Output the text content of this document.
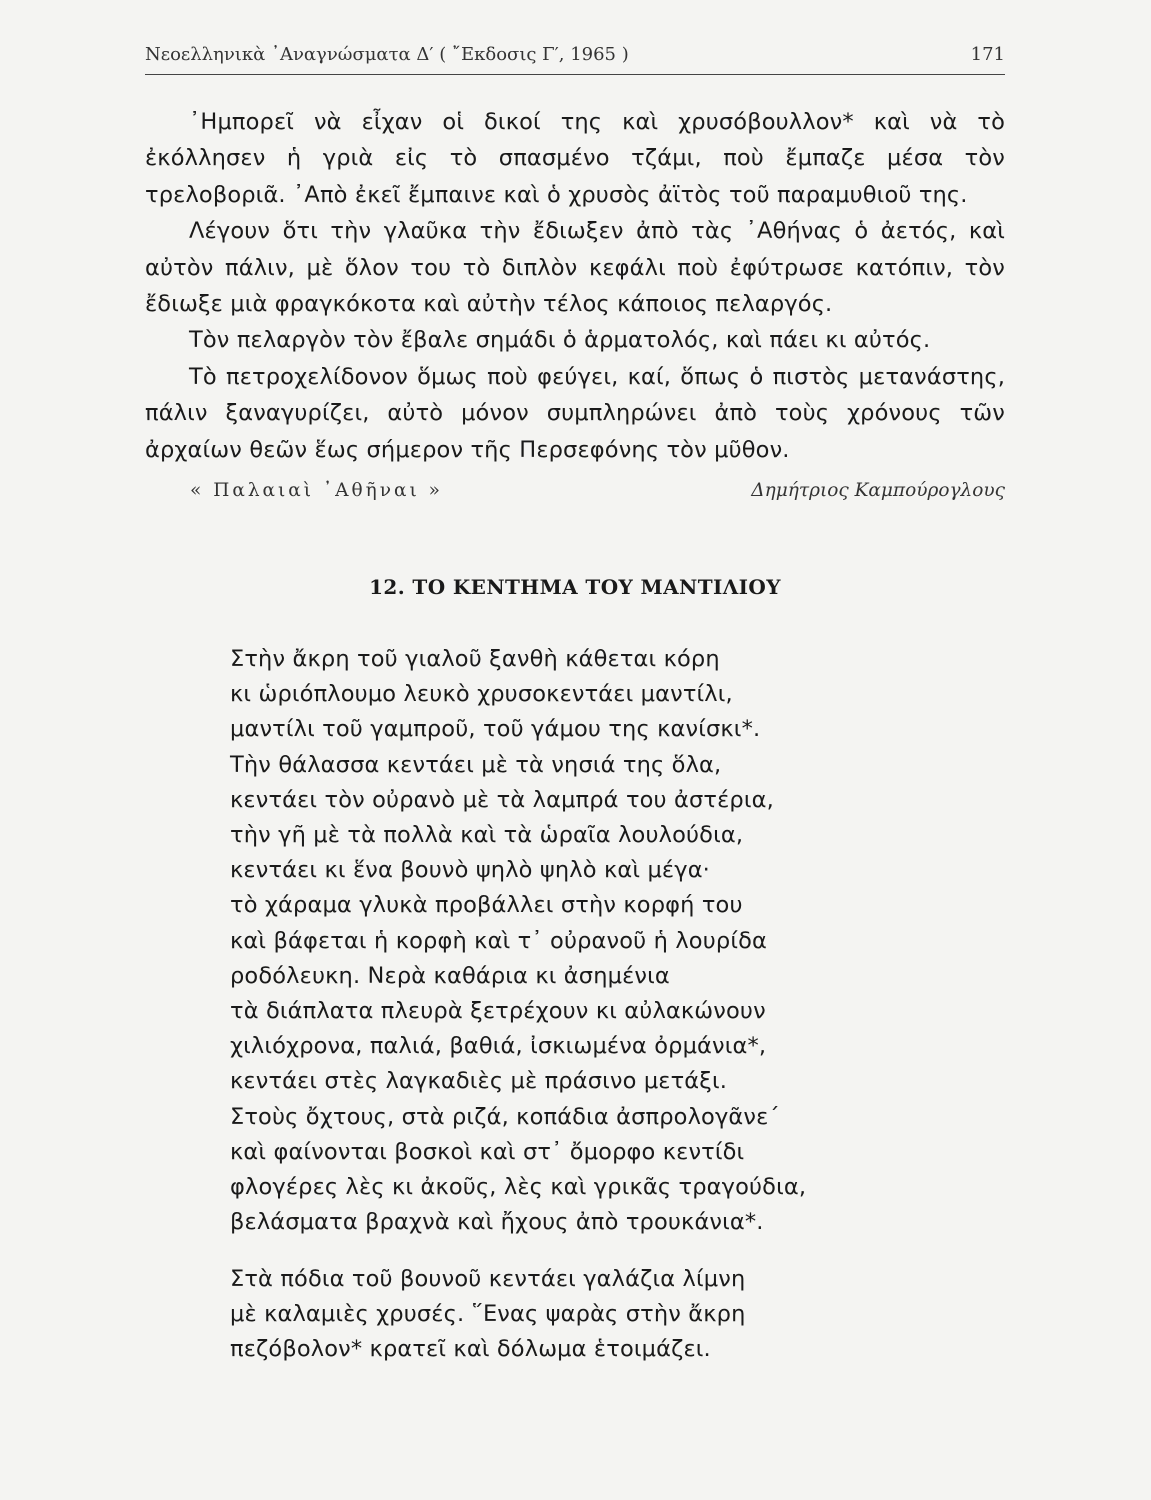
Νεοελληνικὰ ᾿Αναγνώσματα Δ′ ( ῎Εκδοσις Γ′, 1965 )	171

᾿Ημπορεῖ νὰ εἶχαν οἱ δικοί της καὶ χρυσόβουλλον* καὶ νὰ τὸ ἐκόλλησεν ἡ γριὰ εἰς τὸ σπασμένο τζάμι, ποὺ ἔμπαζε μέσα τὸν τρελοβοριᾶ. ᾿Απὸ ἐκεῖ ἔμπαινε καὶ ὁ χρυσὸς ἀϊτὸς τοῦ παραμυθιοῦ της.

Λέγουν ὅτι τὴν γλαῦκα τὴν ἔδιωξεν ἀπὸ τὰς ᾿Αθήνας ὁ ἀετός, καὶ αὐτὸν πάλιν, μὲ ὅλον του τὸ διπλὸν κεφάλι ποὺ ἐφύτρωσε κατόπιν, τὸν ἔδιωξε μιὰ φραγκόκοτα καὶ αὐτὴν τέλος κάποιος πελαργός.

Τὸν πελαργὸν τὸν ἔβαλε σημάδι ὁ ἁρματολός, καὶ πάει κι αὐτός.

Τὸ πετροχελίδονον ὅμως ποὺ φεύγει, καί, ὅπως ὁ πιστὸς μετανάστης, πάλιν ξαναγυρίζει, αὐτὸ μόνον συμπληρώνει ἀπὸ τοὺς χρόνους τῶν ἀρχαίων θεῶν ἕως σήμερον τῆς Περσεφόνης τὸν μῦθον.

« Παλαιαὶ ᾿Αθῆναι »	Δημήτριος Καμπούρογλους
12. ΤΟ ΚΕΝΤΗΜΑ ΤΟΥ ΜΑΝΤΙΛΙΟΥ
Στὴν ἄκρη τοῦ γιαλοῦ ξανθὴ κάθεται κόρη
κι ὡριόπλουμο λευκὸ χρυσοκεντάει μαντίλι,
μαντίλι τοῦ γαμπροῦ, τοῦ γάμου της κανίσκι*.
Τὴν θάλασσα κεντάει μὲ τὰ νησιά της ὅλα,
κεντάει τὸν οὐρανὸ μὲ τὰ λαμπρά του ἀστέρια,
τὴν γῆ μὲ τὰ πολλὰ καὶ τὰ ὡραῖα λουλούδια,
κεντάει κι ἕνα βουνὸ ψηλὸ ψηλὸ καὶ μέγα·
τὸ χάραμα γλυκὰ προβάλλει στὴν κορφή του
καὶ βάφεται ἡ κορφὴ καὶ τ᾿ οὐρανοῦ ἡ λουρίδα
ροδόλευκη. Νερὰ καθάρια κι ἀσημένια
τὰ διάπλατα πλευρὰ ξετρέχουν κι αὐλακώνουν
χιλιόχρονα, παλιά, βαθιά, ἰσκιωμένα ὀρμάνια*,
κεντάει στὲς λαγκαδιὲς μὲ πράσινο μετάξι.
Στοὺς ὄχτους, στὰ ριζά, κοπάδια ἀσπρολογᾶνε´
καὶ φαίνονται βοσκοὶ καὶ στ᾿ ὄμορφο κεντίδι
φλογέρες λὲς κι ἀκοῦς, λὲς καὶ γρικᾶς τραγούδια,
βελάσματα βραχνὰ καὶ ἤχους ἀπὸ τρουκάνια*.
Στὰ πόδια τοῦ βουνοῦ κεντάει γαλάζια λίμνη
μὲ καλαμιὲς χρυσές. ῞Ενας ψαρὰς στὴν ἄκρη
πεζόβολον* κρατεῖ καὶ δόλωμα ἑτοιμάζει.
